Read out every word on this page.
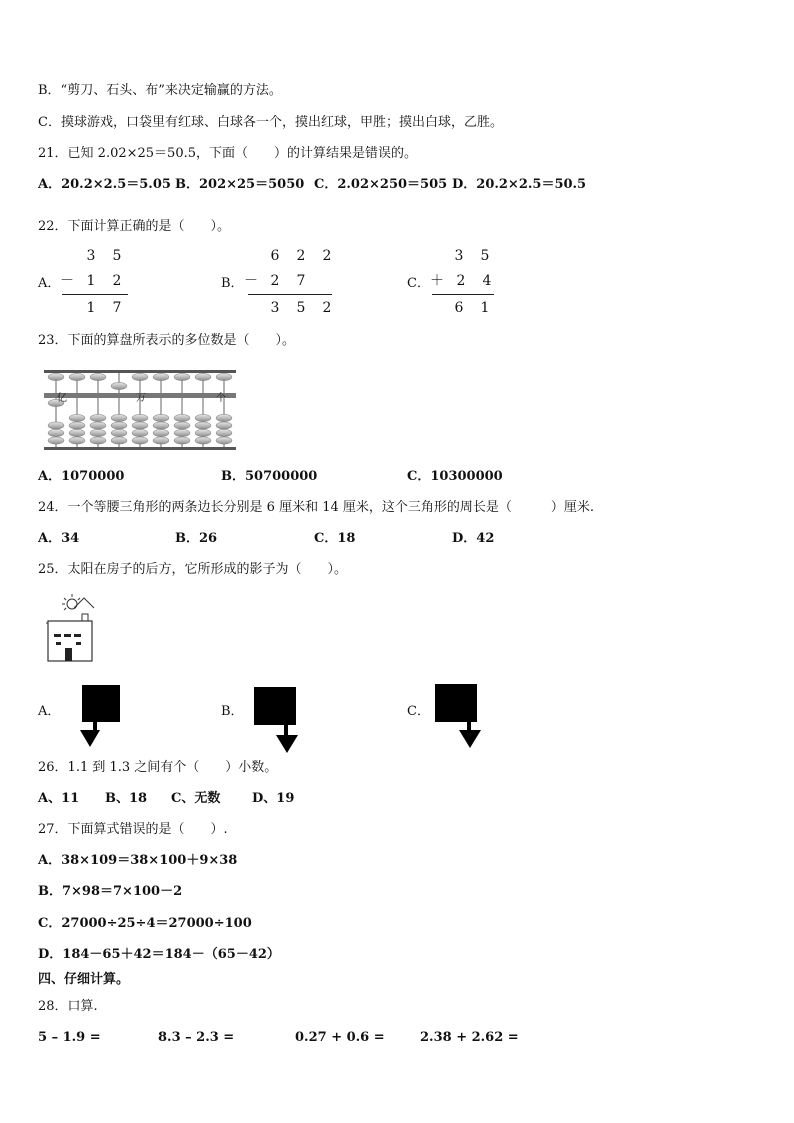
B．“剪刀、石头、布”来决定输赢的方法。
C．摸球游戏，口袋里有红球、白球各一个，摸出红球，甲胜；摸出白球，乙胜。
21．已知 2.02×25＝50.5，下面（　　）的计算结果是错误的。
A．20.2×2.5＝5.05 B．202×25＝5050 C．2.02×250＝505 D．20.2×2.5＝50.5
22．下面计算正确的是（　　）。
A．
3 5
－ 1 2
1 7
B．
6 2 2
－ 2 7
3 5 2
C．
3 5
＋ 2 4
6 1
23．下面的算盘所表示的多位数是（　　）。
亿	万	个
A．1070000	B．50700000	C．10300000
24．一个等腰三角形的两条边长分别是 6 厘米和 14 厘米，这个三角形的周长是（　　　）厘米.
A．34	B．26	C．18	D．42
25．太阳在房子的后方，它所形成的影子为（　　）。
A．	B．	C．
26．1.1 到 1.3 之间有个（　　）小数。
A、11 B、18 C、无数 D、19
27．下面算式错误的是（　　）.
A．38×109＝38×100＋9×38
B．7×98＝7×100－2
C．27000÷25÷4＝27000÷100
D．184－65＋42＝184－（65－42）
四、仔细计算。
28．口算.
5 – 1.9 =	8.3 – 2.3 =	0.27 + 0.6 =	2.38 + 2.62 =
